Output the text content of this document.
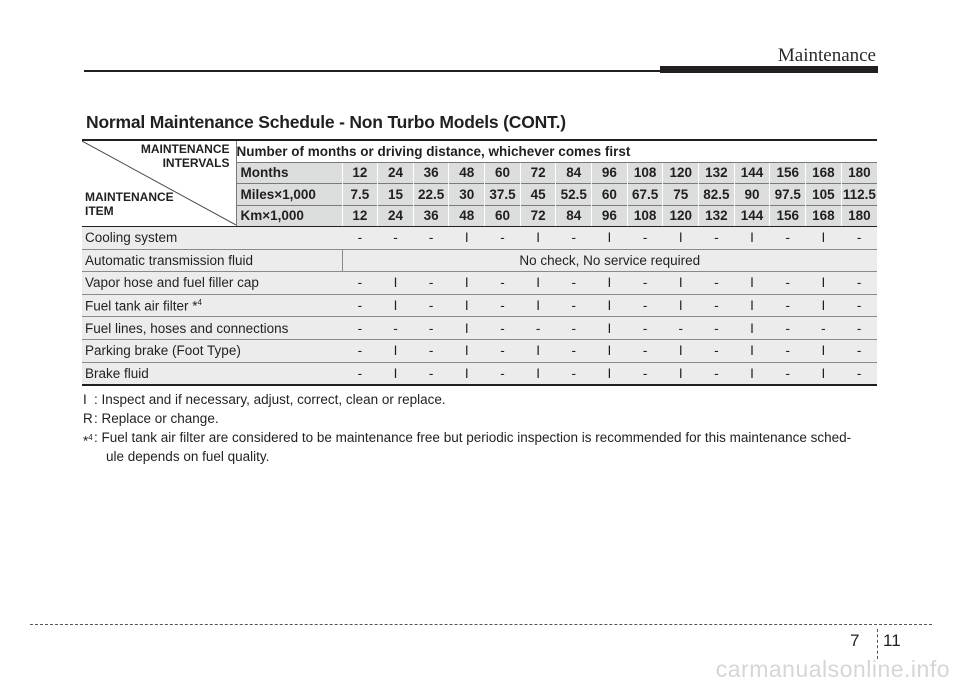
Maintenance
Normal Maintenance Schedule - Non Turbo Models (CONT.)
MAINTENANCE
INTERVALS
MAINTENANCE
ITEM	Number of months or driving distance, whichever comes first															
	Months	12	24	36	48	60	72	84	96	108	120	132	144	156	168	180
	Miles×1,000	7.5	15	22.5	30	37.5	45	52.5	60	67.5	75	82.5	90	97.5	105	112.5
	Km×1,000	12	24	36	48	60	72	84	96	108	120	132	144	156	168	180
Cooling system		-	-	-	I	-	I	-	I	-	I	-	I	-	I	-
Automatic transmission fluid		No check, No service required														
Vapor hose and fuel filler cap		-	I	-	I	-	I	-	I	-	I	-	I	-	I	-
Fuel tank air filter *$^4$		-	I	-	I	-	I	-	I	-	I	-	I	-	I	-
Fuel lines, hoses and connections		-	-	-	I	-	-	-	I	-	-	-	I	-	-	-
Parking brake (Foot Type)		-	I	-	I	-	I	-	I	-	I	-	I	-	I	-
Brake fluid		-	I	-	I	-	I	-	I	-	I	-	I	-	I	-
I : Inspect and if necessary, adjust, correct, clean or replace.
R : Replace or change.
*$^4$ : Fuel tank air filter are considered to be maintenance free but periodic inspection is recommended for this maintenance sched-
ule depends on fuel quality.
7 11
carmanualsonline.info
